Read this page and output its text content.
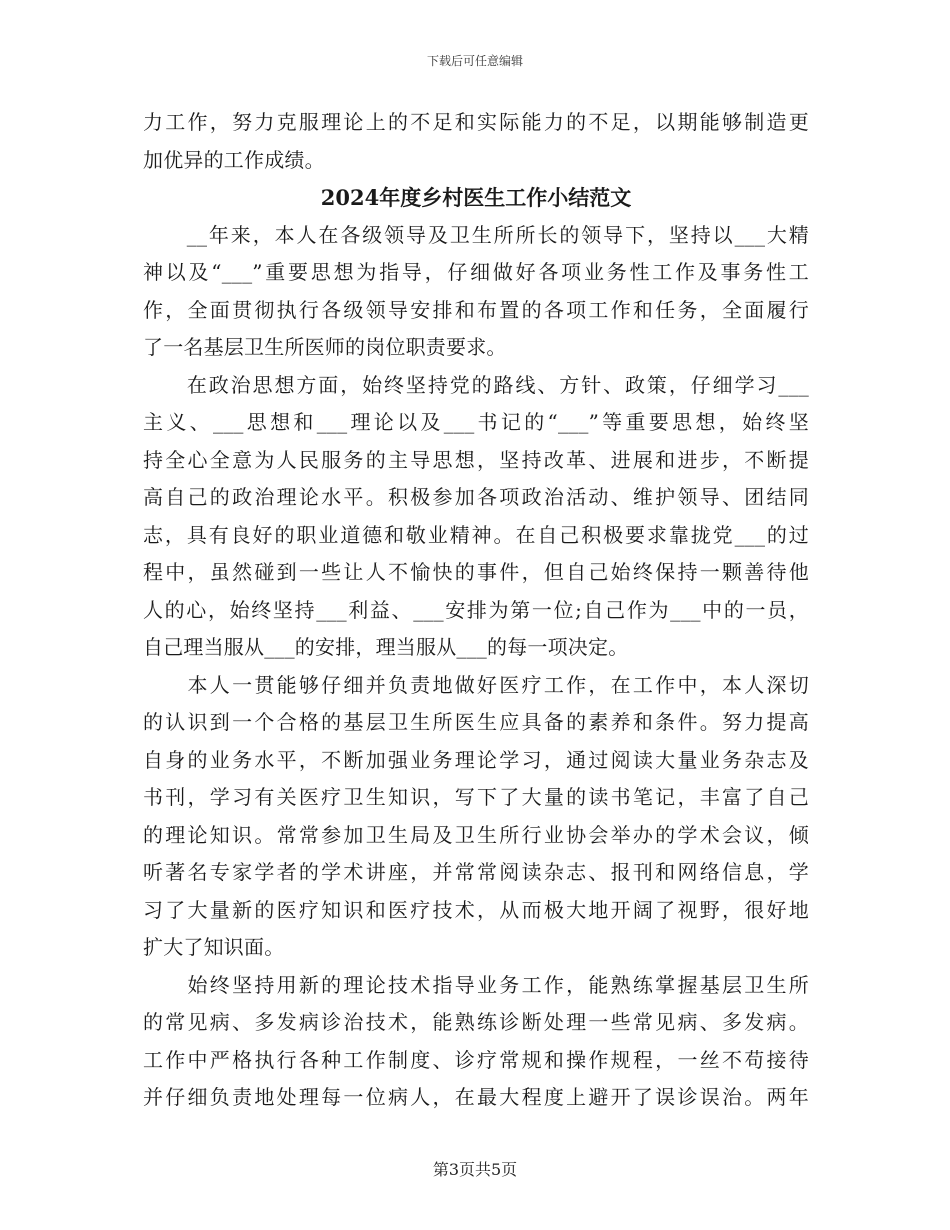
下载后可任意编辑
力工作，努力克服理论上的不足和实际能力的不足，以期能够制造更
加优异的工作成绩。
2024年度乡村医生工作小结范文
　　__年来，本人在各级领导及卫生所所长的领导下，坚持以___大精
神以及“___”重要思想为指导，仔细做好各项业务性工作及事务性工
作，全面贯彻执行各级领导安排和布置的各项工作和任务，全面履行
了一名基层卫生所医师的岗位职责要求。
　　在政治思想方面，始终坚持党的路线、方针、政策，仔细学习___
主义、___思想和___理论以及___书记的“___”等重要思想，始终坚
持全心全意为人民服务的主导思想，坚持改革、进展和进步，不断提
高自己的政治理论水平。积极参加各项政治活动、维护领导、团结同
志，具有良好的职业道德和敬业精神。在自己积极要求靠拢党___的过
程中，虽然碰到一些让人不愉快的事件，但自己始终保持一颗善待他
人的心，始终坚持___利益、___安排为第一位;自己作为___中的一员，
自己理当服从___的安排，理当服从___的每一项决定。
　　本人一贯能够仔细并负责地做好医疗工作，在工作中，本人深切
的认识到一个合格的基层卫生所医生应具备的素养和条件。努力提高
自身的业务水平，不断加强业务理论学习，通过阅读大量业务杂志及
书刊，学习有关医疗卫生知识，写下了大量的读书笔记，丰富了自己
的理论知识。常常参加卫生局及卫生所行业协会举办的学术会议，倾
听著名专家学者的学术讲座，并常常阅读杂志、报刊和网络信息，学
习了大量新的医疗知识和医疗技术，从而极大地开阔了视野，很好地
扩大了知识面。
　　始终坚持用新的理论技术指导业务工作，能熟练掌握基层卫生所
的常见病、多发病诊治技术，能熟练诊断处理一些常见病、多发病。
工作中严格执行各种工作制度、诊疗常规和操作规程，一丝不苟接待
并仔细负责地处理每一位病人，在最大程度上避开了误诊误治。两年
第3页共5页
